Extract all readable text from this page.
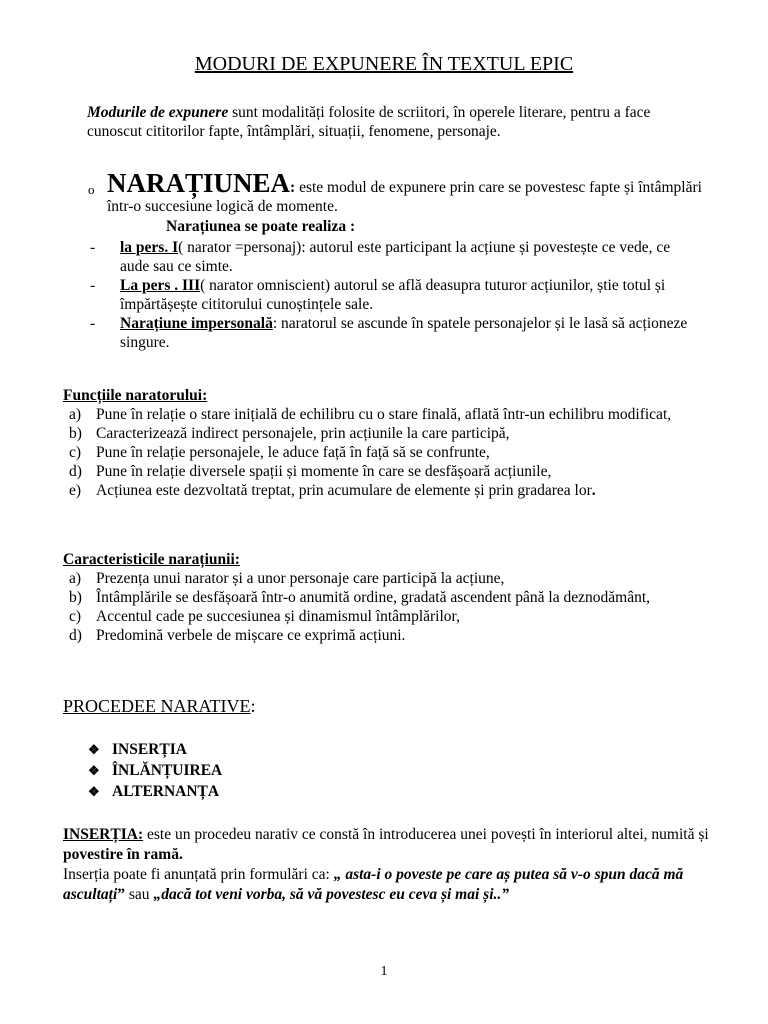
MODURI DE EXPUNERE ÎN TEXTUL EPIC
Modurile de expunere sunt modalități folosite de scriitori, în operele literare, pentru a face cunoscut cititorilor fapte, întâmplări, situații, fenomene, personaje.
o NARAȚIUNEA: este modul de expunere prin care se povestesc fapte și întâmplări într-o succesiune logică de momente.
Narațiunea se poate realiza :
- la pers. I( narator =personaj): autorul este participant la acțiune și povestește ce vede, ce aude sau ce simte.
- La pers . III( narator omniscient) autorul se află deasupra tuturor acțiunilor, știe totul și împărtășește cititorului cunoștințele sale.
- Narațiune impersonală: naratorul se ascunde în spatele personajelor și le lasă să acționeze singure.
Funcțiile naratorului:
a) Pune în relație o stare inițială de echilibru cu o stare finală, aflată într-un echilibru modificat,
b) Caracterizează indirect personajele, prin acțiunile la care participă,
c) Pune în relație personajele, le aduce față în față să se confrunte,
d) Pune în relație diversele spații și momente în care se desfășoară acțiunile,
e) Acțiunea este dezvoltată treptat, prin acumulare de elemente și prin gradarea lor.
Caracteristicile narațiunii:
a) Prezența unui narator și a unor personaje care participă la acțiune,
b) Întâmplările se desfășoară într-o anumită ordine, gradată ascendent până la deznodământ,
c) Accentul cade pe succesiunea și dinamismul întâmplărilor,
d) Predomină verbele de mișcare ce exprimă acțiuni.
PROCEDEE NARATIVE:
❖ INSERȚIA
❖ ÎNLĂNȚUIREA
❖ ALTERNANȚA
INSERȚIA: este un procedeu narativ ce constă în introducerea unei povești în interiorul altei, numită și povestire în ramă.
Inserția poate fi anunțată prin formulări ca: „ asta-i o poveste pe care aș putea să v-o spun dacă mă ascultați” sau „dacă tot veni vorba, să vă povestesc eu ceva și mai și..”
1
